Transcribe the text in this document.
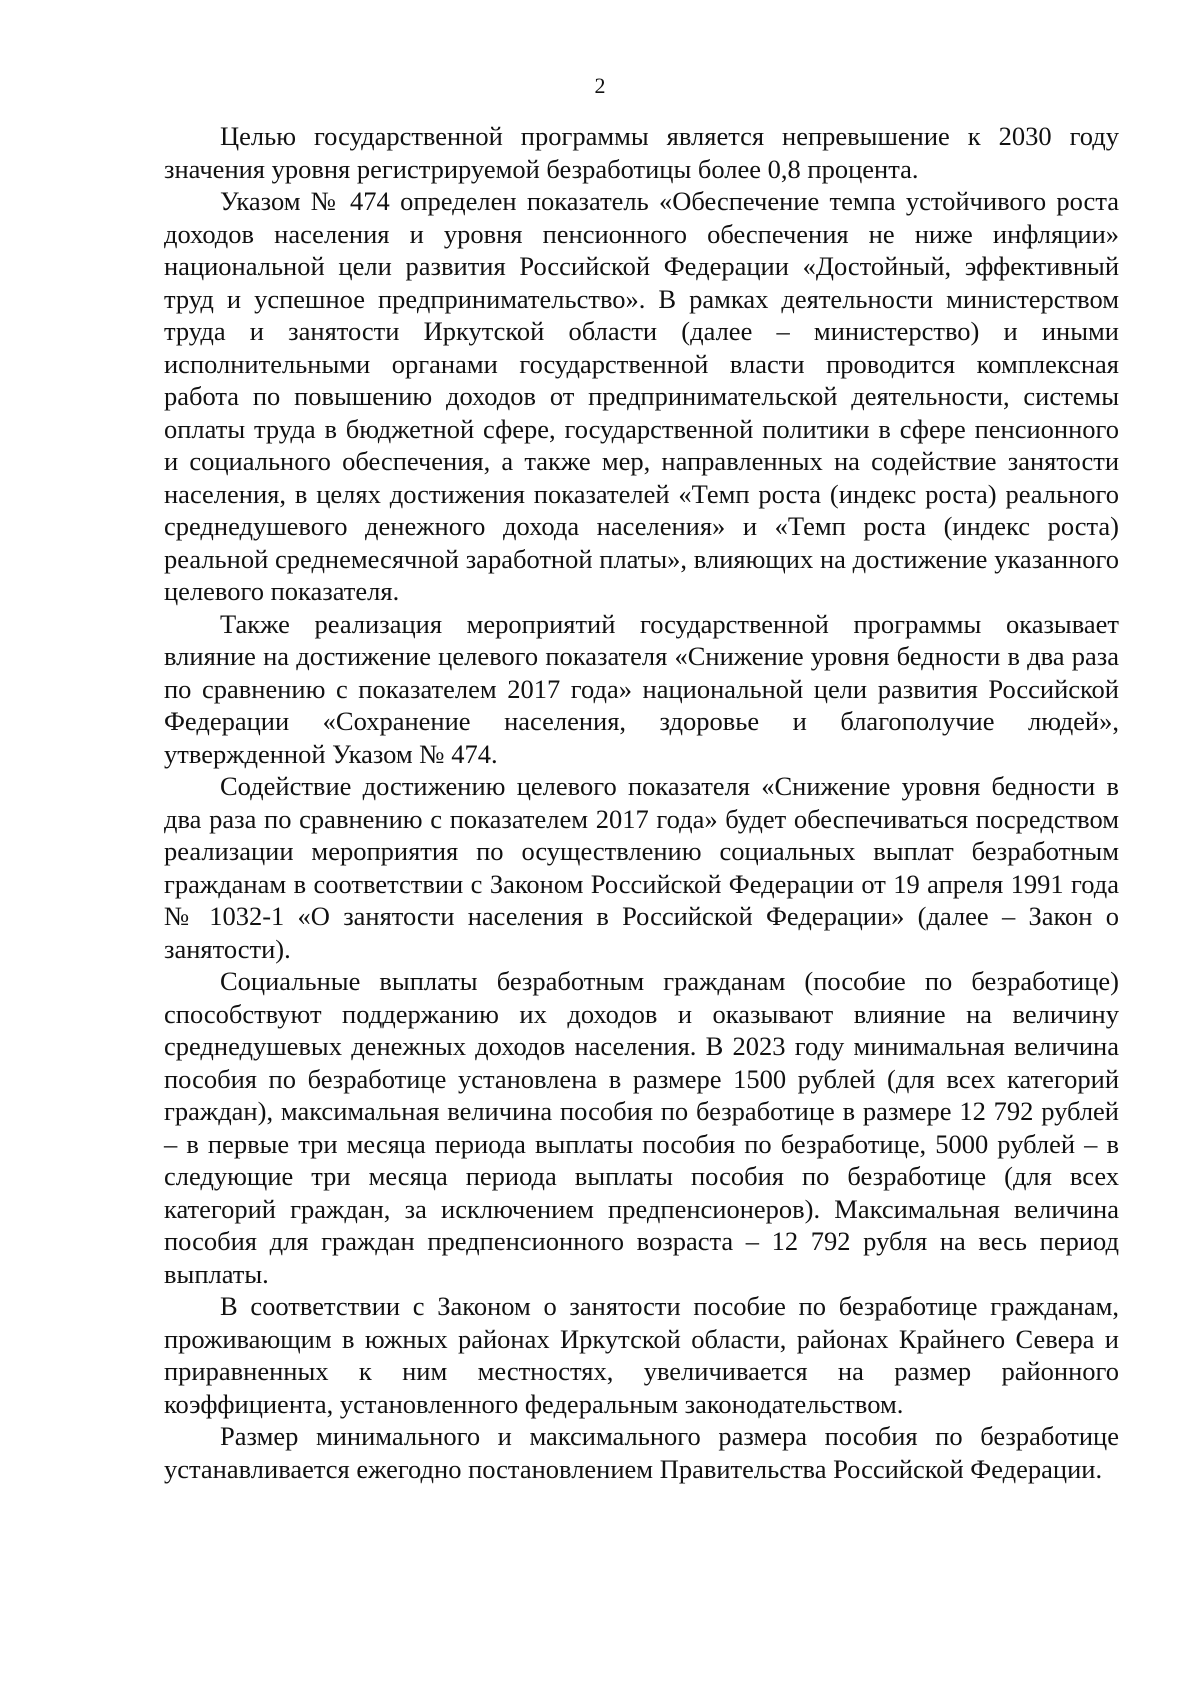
2

Целью государственной программы является непревышение к 2030 году значения уровня регистрируемой безработицы более 0,8 процента.

Указом № 474 определен показатель «Обеспечение темпа устойчивого роста доходов населения и уровня пенсионного обеспечения не ниже инфляции» национальной цели развития Российской Федерации «Достойный, эффективный труд и успешное предпринимательство». В рамках деятельности министерством труда и занятости Иркутской области (далее – министерство) и иными исполнительными органами государственной власти проводится комплексная работа по повышению доходов от предпринимательской деятельности, системы оплаты труда в бюджетной сфере, государственной политики в сфере пенсионного и социального обеспечения, а также мер, направленных на содействие занятости населения, в целях достижения показателей «Темп роста (индекс роста) реального среднедушевого денежного дохода населения» и «Темп роста (индекс роста) реальной среднемесячной заработной платы», влияющих на достижение указанного целевого показателя.

Также реализация мероприятий государственной программы оказывает влияние на достижение целевого показателя «Снижение уровня бедности в два раза по сравнению с показателем 2017 года» национальной цели развития Российской Федерации «Сохранение населения, здоровье и благополучие людей», утвержденной Указом № 474.

Содействие достижению целевого показателя «Снижение уровня бедности в два раза по сравнению с показателем 2017 года» будет обеспечиваться посредством реализации мероприятия по осуществлению социальных выплат безработным гражданам в соответствии с Законом Российской Федерации от 19 апреля 1991 года № 1032-1 «О занятости населения в Российской Федерации» (далее – Закон о занятости).

Социальные выплаты безработным гражданам (пособие по безработице) способствуют поддержанию их доходов и оказывают влияние на величину среднедушевых денежных доходов населения. В 2023 году минимальная величина пособия по безработице установлена в размере 1500 рублей (для всех категорий граждан), максимальная величина пособия по безработице в размере 12 792 рублей – в первые три месяца периода выплаты пособия по безработице, 5000 рублей – в следующие три месяца периода выплаты пособия по безработице (для всех категорий граждан, за исключением предпенсионеров). Максимальная величина пособия для граждан предпенсионного возраста – 12 792 рубля на весь период выплаты.

В соответствии с Законом о занятости пособие по безработице гражданам, проживающим в южных районах Иркутской области, районах Крайнего Севера и приравненных к ним местностях, увеличивается на размер районного коэффициента, установленного федеральным законодательством.

Размер минимального и максимального размера пособия по безработице устанавливается ежегодно постановлением Правительства Российской Федерации.
